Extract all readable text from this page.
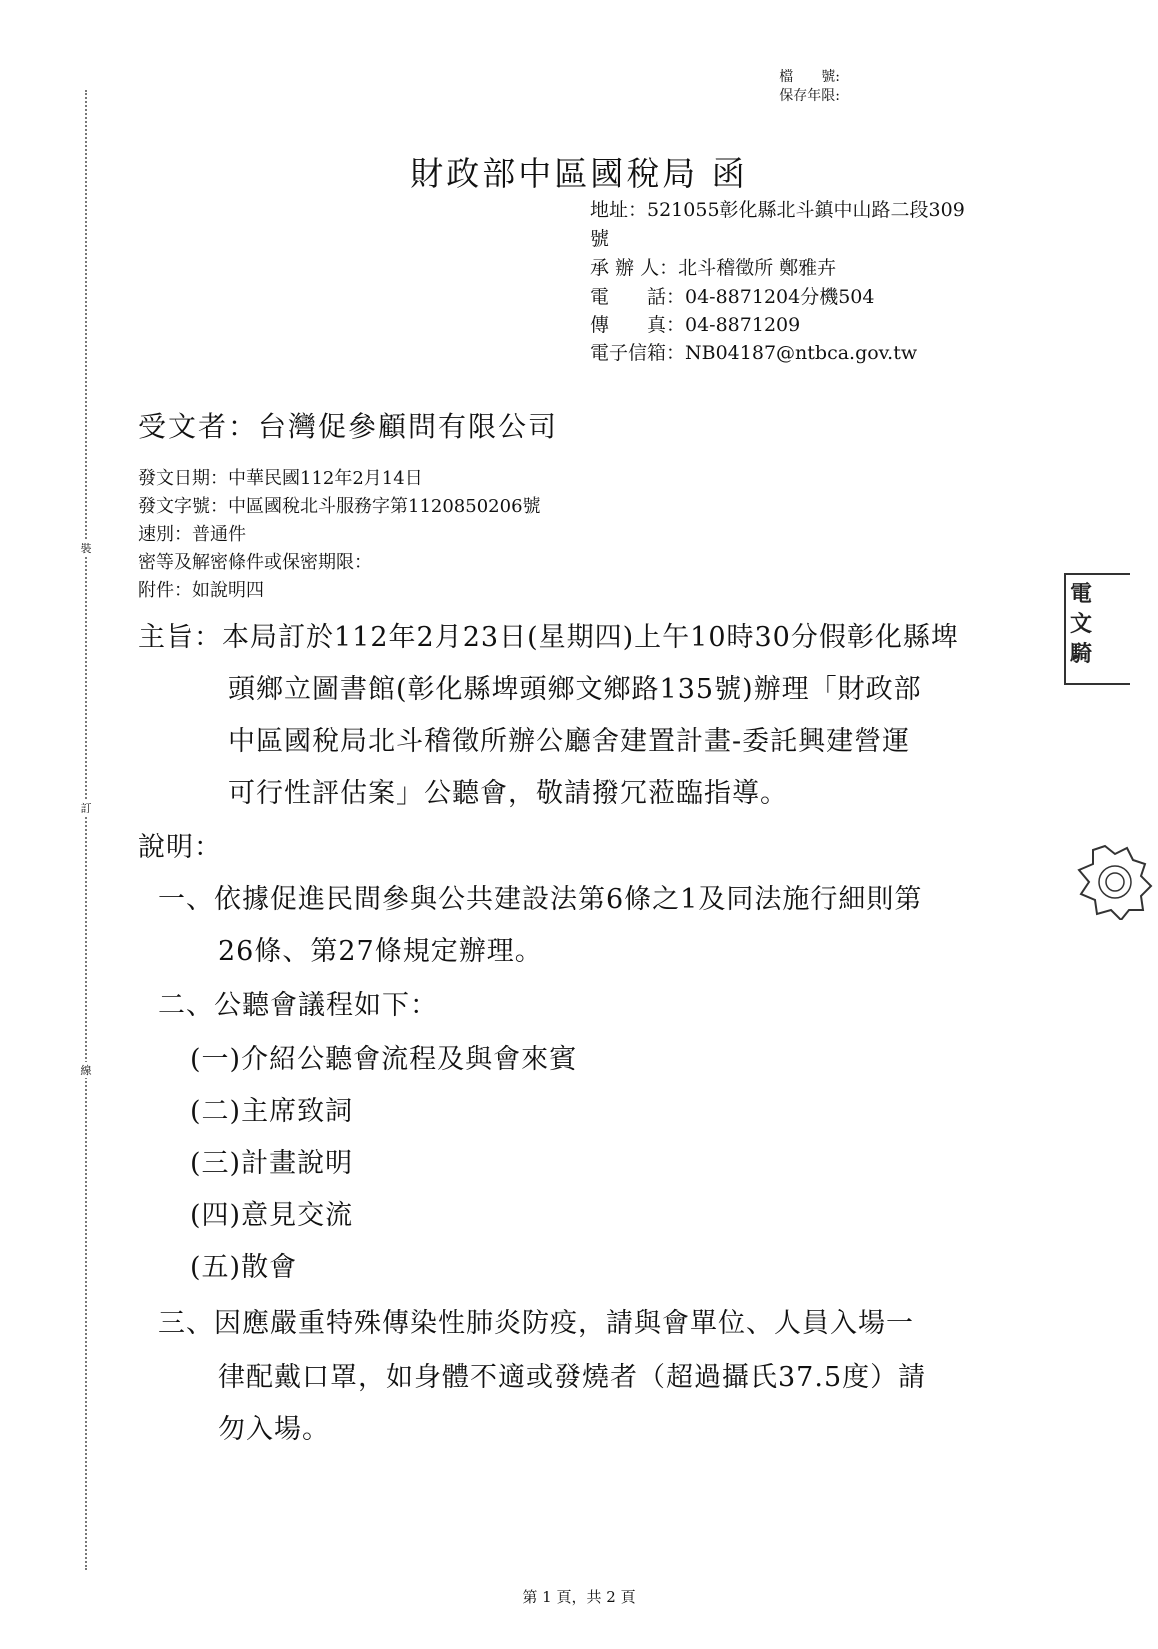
裝
訂
線
檔　　號:
保存年限:
財政部中區國稅局 函
地址：521055彰化縣北斗鎮中山路二段309
號
承 辦 人：北斗稽徵所 鄭雅卉
電　　話：04-8871204分機504
傳　　真：04-8871209
電子信箱：NB04187@ntbca.gov.tw
受文者：台灣促參顧問有限公司
發文日期：中華民國112年2月14日
發文字號：中區國稅北斗服務字第1120850206號
速別：普通件
密等及解密條件或保密期限：
附件：如說明四
主旨：本局訂於112年2月23日(星期四)上午10時30分假彰化縣埤
頭鄉立圖書館(彰化縣埤頭鄉文鄉路135號)辦理「財政部
中區國稅局北斗稽徵所辦公廳舍建置計畫-委託興建營運
可行性評估案」公聽會，敬請撥冗蒞臨指導。
說明：
一、依據促進民間參與公共建設法第6條之1及同法施行細則第
26條、第27條規定辦理。
二、公聽會議程如下：
(一)介紹公聽會流程及與會來賓
(二)主席致詞
(三)計畫說明
(四)意見交流
(五)散會
三、因應嚴重特殊傳染性肺炎防疫，請與會單位、人員入場一
律配戴口罩，如身體不適或發燒者（超過攝氏37.5度）請
勿入場。
電
文
騎
第 1 頁，共 2 頁
